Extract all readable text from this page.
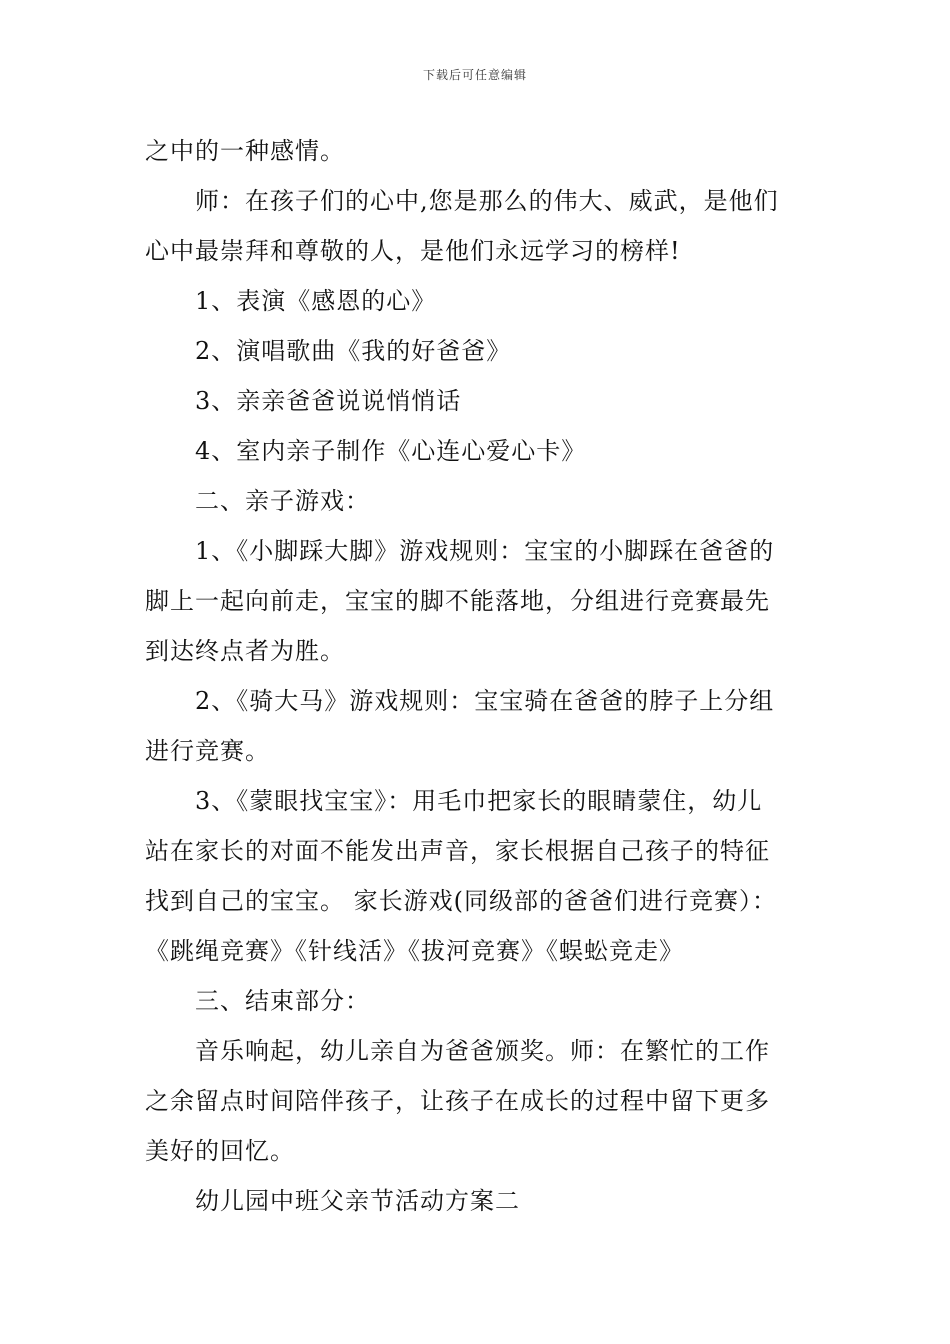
下载后可任意编辑

之中的一种感情。

师：在孩子们的心中,您是那么的伟大、威武，是他们

心中最崇拜和尊敬的人，是他们永远学习的榜样!

1、表演《感恩的心》

2、演唱歌曲《我的好爸爸》

3、亲亲爸爸说说悄悄话

4、室内亲子制作《心连心爱心卡》

二、亲子游戏：

1、《小脚踩大脚》游戏规则：宝宝的小脚踩在爸爸的

脚上一起向前走，宝宝的脚不能落地，分组进行竞赛最先

到达终点者为胜。

2、《骑大马》游戏规则：宝宝骑在爸爸的脖子上分组

进行竞赛。

3、《蒙眼找宝宝》：用毛巾把家长的眼睛蒙住，幼儿

站在家长的对面不能发出声音，家长根据自己孩子的特征

找到自己的宝宝。 家长游戏(同级部的爸爸们进行竞赛）：

《跳绳竞赛》《针线活》《拔河竞赛》《蜈蚣竞走》

三、结束部分：

音乐响起，幼儿亲自为爸爸颁奖。师：在繁忙的工作

之余留点时间陪伴孩子，让孩子在成长的过程中留下更多

美好的回忆。

幼儿园中班父亲节活动方案二
